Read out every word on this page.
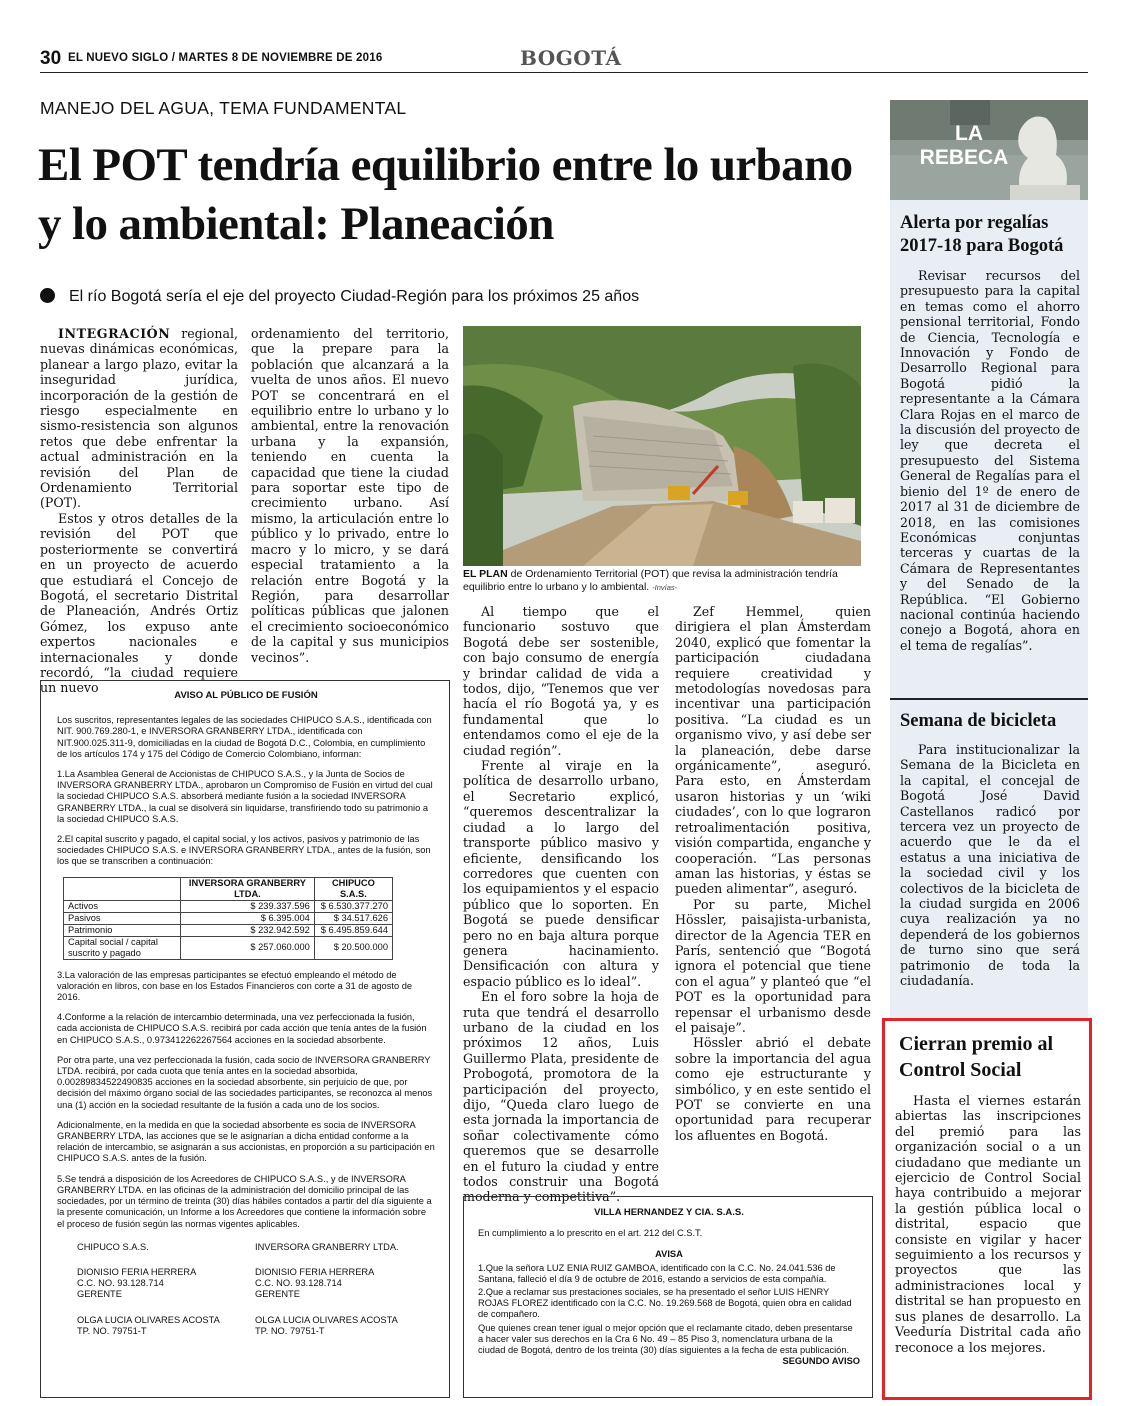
30 EL NUEVO SIGLO / MARTES 8 DE NOVIEMBRE DE 2016	BOGOTÁ
MANEJO DEL AGUA, TEMA FUNDAMENTAL
El POT tendría equilibrio entre lo urbano y lo ambiental: Planeación
El río Bogotá sería el eje del proyecto Ciudad-Región para los próximos 25 años

INTEGRACIÓN regional, nuevas dinámicas económicas, planear a largo plazo, evitar la inseguridad jurídica, incorporación de la gestión de riesgo especialmente en sismo-resistencia son algunos retos que debe enfrentar la actual administración en la revisión del Plan de Ordenamiento Territorial (POT).

Estos y otros detalles de la revisión del POT que posteriormente se convertirá en un proyecto de acuerdo que estudiará el Concejo de Bogotá, el secretario Distrital de Planeación, Andrés Ortiz Gómez, los expuso ante expertos nacionales e internacionales y donde recordó, “la ciudad requiere un nuevo

ordenamiento del territorio, que la prepare para la población que alcanzará a la vuelta de unos años. El nuevo POT se concentrará en el equilibrio entre lo urbano y lo ambiental, entre la renovación urbana y la expansión, teniendo en cuenta la capacidad que tiene la ciudad para soportar este tipo de crecimiento urbano. Así mismo, la articulación entre lo público y lo privado, entre lo macro y lo micro, y se dará especial tratamiento a la relación entre Bogotá y la Región, para desarrollar políticas públicas que jalonen el crecimiento socioeconómico de la capital y sus municipios vecinos”.

EL PLAN de Ordenamiento Territorial (POT) que revisa la administración tendría equilibrio entre lo urbano y lo ambiental. -Invías-

Al tiempo que el funcionario sostuvo que Bogotá debe ser sostenible, con bajo consumo de energía y brindar calidad de vida a todos, dijo, “Tenemos que ver hacía el río Bogotá ya, y es fundamental que lo entendamos como el eje de la ciudad región”.

Frente al viraje en la política de desarrollo urbano, el Secretario explicó, “queremos descentralizar la ciudad a lo largo del transporte público masivo y eficiente, densificando los corredores que cuenten con los equipamientos y el espacio público que lo soporten. En Bogotá se puede densificar pero no en baja altura porque genera hacinamiento. Densificación con altura y espacio público es lo ideal”.

En el foro sobre la hoja de ruta que tendrá el desarrollo urbano de la ciudad en los próximos 12 años, Luis Guillermo Plata, presidente de Probogotá, promotora de la participación del proyecto, dijo, “Queda claro luego de esta jornada la importancia de soñar colectivamente cómo queremos que se desarrolle en el futuro la ciudad y entre todos construir una Bogotá moderna y competitiva”.

Zef Hemmel, quien dirigiera el plan Ámsterdam 2040, explicó que fomentar la participación ciudadana requiere creatividad y metodologías novedosas para incentivar una participación positiva. “La ciudad es un organismo vivo, y así debe ser la planeación, debe darse orgánicamente”, aseguró. Para esto, en Ámsterdam usaron historias y un ‘wiki ciudades’, con lo que lograron retroalimentación positiva, visión compartida, enganche y cooperación. “Las personas aman las historias, y éstas se pueden alimentar”, aseguró.

Por su parte, Michel Hössler, paisajista-urbanista, director de la Agencia TER en París, sentenció que “Bogotá ignora el potencial que tiene con el agua” y planteó que “el POT es la oportunidad para repensar el urbanismo desde el paisaje”.

Hössler abrió el debate sobre la importancia del agua como eje estructurante y simbólico, y en este sentido el POT se convierte en una oportunidad para recuperar los afluentes en Bogotá.

AVISO AL PÚBLICO DE FUSIÓN

Los suscritos, representantes legales de las sociedades CHIPUCO S.A.S., identificada con NIT. 900.769.280-1, e INVERSORA GRANBERRY LTDA., identificada con NIT.900.025.311-9, domiciliadas en la ciudad de Bogotá D.C., Colombia, en cumplimiento de los artículos 174 y 175 del Código de Comercio Colombiano, informan:

1.La Asamblea General de Accionistas de CHIPUCO S.A.S., y la Junta de Socios de INVERSORA GRANBERRY LTDA., aprobaron un Compromiso de Fusión en virtud del cual la sociedad CHIPUCO S.A.S. absorberá mediante fusión a la sociedad INVERSORA GRANBERRY LTDA., la cual se disolverá sin liquidarse, transfiriendo todo su patrimonio a la sociedad CHIPUCO S.A.S.

2.El capital suscrito y pagado, el capital social, y los activos, pasivos y patrimonio de las sociedades CHIPUCO S.A.S. e INVERSORA GRANBERRY LTDA., antes de la fusión, son los que se transcriben a continuación:

	INVERSORA GRANBERRY LTDA.	CHIPUCO S.A.S.
Activos	$ 239.337.596	$ 6.530.377.270
Pasivos	$ 6.395.004	$ 34.517.626
Patrimonio	$ 232.942.592	$ 6.495.859.644
Capital social / capital suscrito y pagado	$ 257.060.000	$ 20.500.000

3.La valoración de las empresas participantes se efectuó empleando el método de valoración en libros, con base en los Estados Financieros con corte a 31 de agosto de 2016.

4.Conforme a la relación de intercambio determinada, una vez perfeccionada la fusión, cada accionista de CHIPUCO S.A.S. recibirá por cada acción que tenía antes de la fusión en CHIPUCO S.A.S., 0.973412262267564 acciones en la sociedad absorbente.

Por otra parte, una vez perfeccionada la fusión, cada socio de INVERSORA GRANBERRY LTDA. recibirá, por cada cuota que tenía antes en la sociedad absorbida, 0.00289834522490835 acciones en la sociedad absorbente, sin perjuicio de que, por decisión del máximo órgano social de las sociedades participantes, se reconozca al menos una (1) acción en la sociedad resultante de la fusión a cada uno de los socios.

Adicionalmente, en la medida en que la sociedad absorbente es socia de INVERSORA GRANBERRY LTDA, las acciones que se le asignarían a dicha entidad conforme a la relación de intercambio, se asignarán a sus accionistas, en proporción a su participación en CHIPUCO S.A.S. antes de la fusión.

5.Se tendrá a disposición de los Acreedores de CHIPUCO S.A.S., y de INVERSORA GRANBERRY LTDA. en las oficinas de la administración del domicilio principal de las sociedades, por un término de treinta (30) días hábiles contados a partir del día siguiente a la presente comunicación, un Informe a los Acreedores que contiene la información sobre el proceso de fusión según las normas vigentes aplicables.

CHIPUCO S.A.S.
DIONISIO FERIA HERRERA
C.C. NO. 93.128.714
GERENTE
OLGA LUCIA OLIVARES ACOSTA
TP. NO. 79751-T
INVERSORA GRANBERRY LTDA.
DIONISIO FERIA HERRERA
C.C. NO. 93.128.714
GERENTE
OLGA LUCIA OLIVARES ACOSTA
TP. NO. 79751-T
VILLA HERNANDEZ Y CIA. S.A.S.

En cumplimiento a lo prescrito en el art. 212 del C.S.T.

AVISA

1.Que la señora LUZ ENIA RUIZ GAMBOA, identificado con la C.C. No. 24.041.536 de Santana, falleció el día 9 de octubre de 2016, estando a servicios de esta compañía.

2.Que a reclamar sus prestaciones sociales, se ha presentado el señor LUIS HENRY ROJAS FLOREZ identificado con la C.C. No. 19.269.568 de Bogotá, quien obra en calidad de compañero.

Que quienes crean tener igual o mejor opción que el reclamante citado, deben presentarse a hacer valer sus derechos en la Cra 6 No. 49 – 85 Piso 3, nomenclatura urbana de la ciudad de Bogotá, dentro de los treinta (30) días siguientes a la fecha de esta publicación.

SEGUNDO AVISO
LA
REBECA
Alerta por regalías 2017-18 para Bogotá

Revisar recursos del presupuesto para la capital en temas como el ahorro pensional territorial, Fondo de Ciencia, Tecnología e Innovación y Fondo de Desarrollo Regional para Bogotá pidió la representante a la Cámara Clara Rojas en el marco de la discusión del proyecto de ley que decreta el presupuesto del Sistema General de Regalías para el bienio del 1º de enero de 2017 al 31 de diciembre de 2018, en las comisiones Económicas conjuntas terceras y cuartas de la Cámara de Representantes y del Senado de la República. “El Gobierno nacional continúa haciendo conejo a Bogotá, ahora en el tema de regalías”.

Semana de bicicleta

Para institucionalizar la Semana de la Bicicleta en la capital, el concejal de Bogotá José David Castellanos radicó por tercera vez un proyecto de acuerdo que le da el estatus a una iniciativa de la sociedad civil y los colectivos de la bicicleta de la ciudad surgida en 2006 cuya realización ya no dependerá de los gobiernos de turno sino que será patrimonio de toda la ciudadanía.

Cierran premio al Control Social

Hasta el viernes estarán abiertas las inscripciones del premió para las organización social o a un ciudadano que mediante un ejercicio de Control Social haya contribuido a mejorar la gestión pública local o distrital, espacio que consiste en vigilar y hacer seguimiento a los recursos y proyectos que las administraciones local y distrital se han propuesto en sus planes de desarrollo. La Veeduría Distrital cada año reconoce a los mejores.
